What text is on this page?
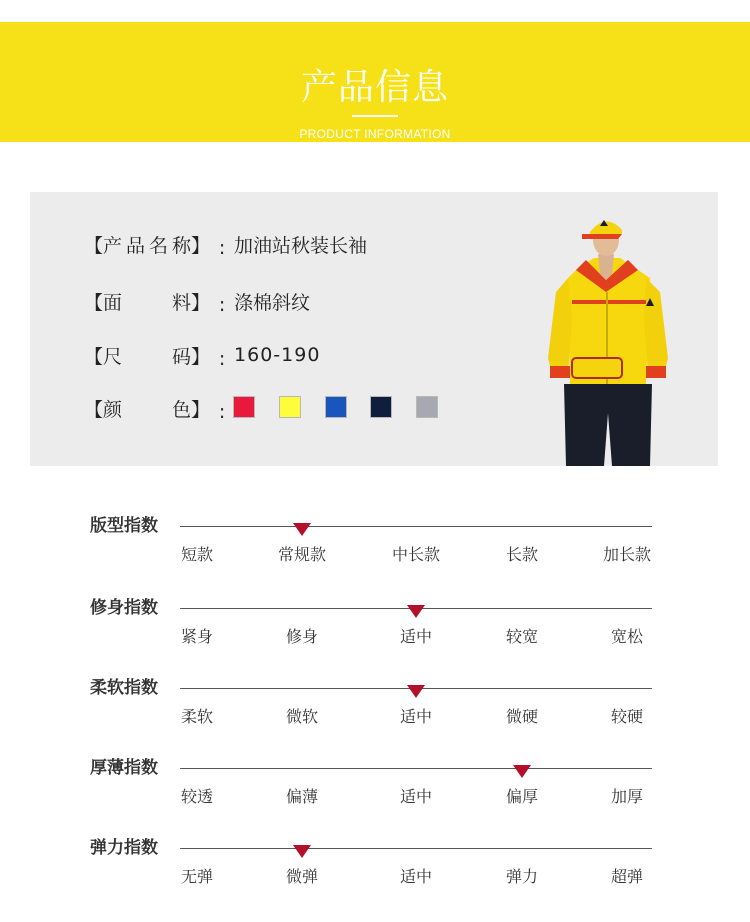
产品信息
PRODUCT INFORMATION
【 产品名称 】 : 加油站秋装长袖
【 面料 】 : 涤棉斜纹
【 尺码 】 : 160-190
【 颜色 】 :
版型指数
短款	常规款	中长款	长款	加长款
修身指数
紧身	修身	适中	较宽	宽松
柔软指数
柔软	微软	适中	微硬	较硬
厚薄指数
较透	偏薄	适中	偏厚	加厚
弹力指数
无弹	微弹	适中	弹力	超弹
